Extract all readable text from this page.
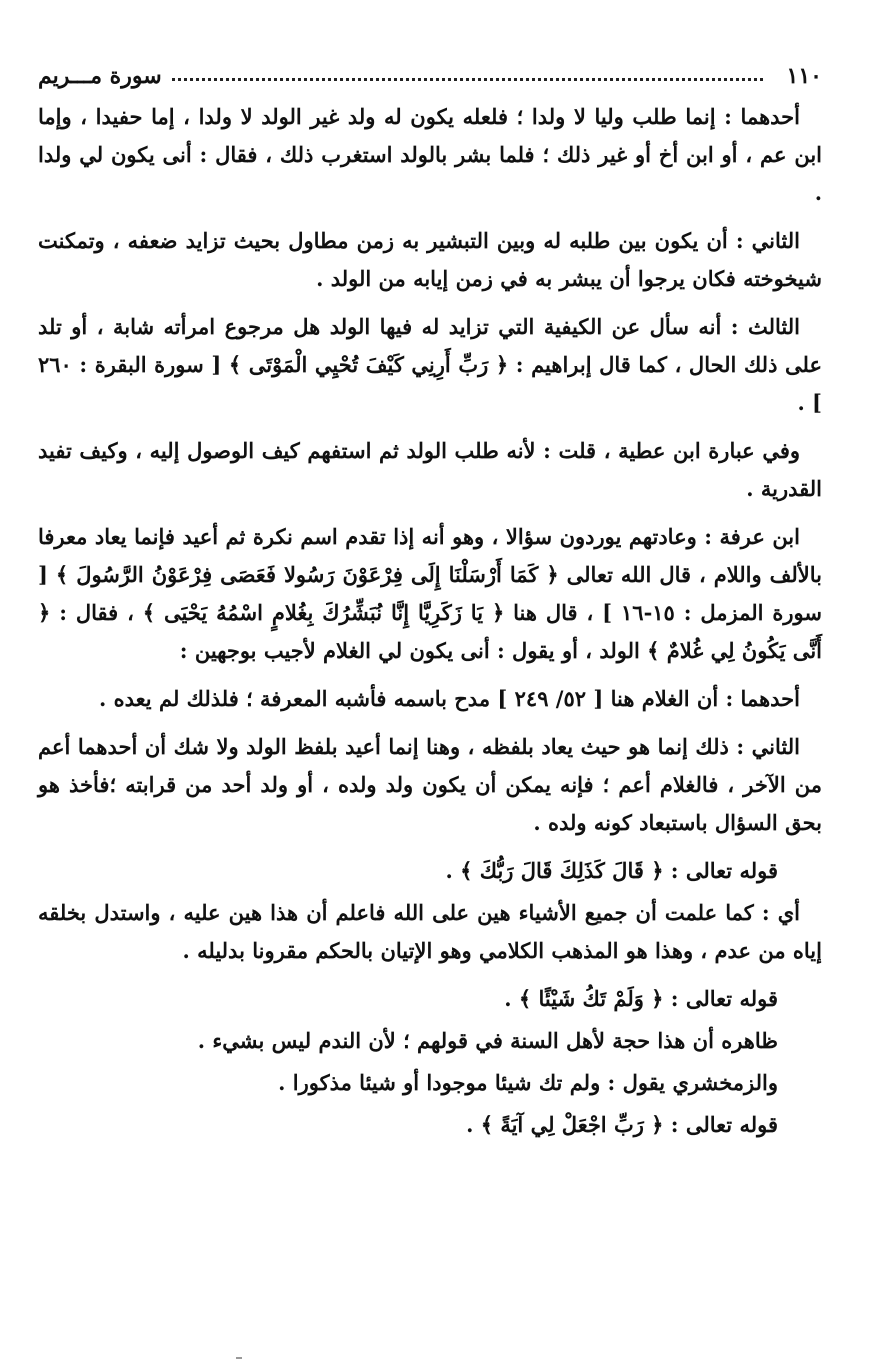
١١٠
سورة مـــريم

أحدهما : إنما طلب وليا لا ولدا ؛ فلعله يكون له ولد غير الولد لا ولدا ، إما حفيدا ، وإما ابن عم ، أو ابن أخ أو غير ذلك ؛ فلما بشر بالولد استغرب ذلك ، فقال : أنى يكون لي ولدا .

الثاني : أن يكون بين طلبه له وبين التبشير به زمن مطاول بحيث تزايد ضعفه ، وتمكنت شيخوخته فكان يرجوا أن يبشر به في زمن إيابه من الولد .

الثالث : أنه سأل عن الكيفية التي تزايد له فيها الولد هل مرجوع امرأته شابة ، أو تلد على ذلك الحال ، كما قال إبراهيم : ﴿ رَبِّ أَرِنِي كَيْفَ تُحْيِي الْمَوْتَى ﴾ [ سورة البقرة : ٢٦٠ ] .

وفي عبارة ابن عطية ، قلت : لأنه طلب الولد ثم استفهم كيف الوصول إليه ، وكيف تفيد القدرية .

ابن عرفة : وعادتهم يوردون سؤالا ، وهو أنه إذا تقدم اسم نكرة ثم أعيد فإنما يعاد معرفا بالألف واللام ، قال الله تعالى ﴿ كَمَا أَرْسَلْنَا إِلَى فِرْعَوْنَ رَسُولا فَعَصَى فِرْعَوْنُ الرَّسُولَ ﴾ [ سورة المزمل : ١٥-١٦ ] ، قال هنا ﴿ يَا زَكَرِيَّا إِنَّا نُبَشِّرُكَ بِغُلامٍ اسْمُهُ يَحْيَى ﴾ ، فقال : ﴿ أَنَّى يَكُونُ لِي غُلامٌ ﴾ الولد ، أو يقول : أنى يكون لي الغلام لأجيب بوجهين :

أحدهما : أن الغلام هنا [ ٥٢/ ٢٤٩ ] مدح باسمه فأشبه المعرفة ؛ فلذلك لم يعده .

الثاني : ذلك إنما هو حيث يعاد بلفظه ، وهنا إنما أعيد بلفظ الولد ولا شك أن أحدهما أعم من الآخر ، فالغلام أعم ؛ فإنه يمكن أن يكون ولد ولده ، أو ولد أحد من قرابته ؛فأخذ هو بحق السؤال باستبعاد كونه ولده .

قوله تعالى : ﴿ قَالَ كَذَلِكَ قَالَ رَبُّكَ ﴾ .

أي : كما علمت أن جميع الأشياء هين على الله فاعلم أن هذا هين عليه ، واستدل بخلقه إياه من عدم ، وهذا هو المذهب الكلامي وهو الإتيان بالحكم مقرونا بدليله .

قوله تعالى : ﴿ وَلَمْ تَكُ شَيْئًا ﴾ .

ظاهره أن هذا حجة لأهل السنة في قولهم ؛ لأن الندم ليس بشيء .

والزمخشري يقول : ولم تك شيئا موجودا أو شيئا مذكورا .

قوله تعالى : ﴿ رَبِّ اجْعَلْ لِي آيَةً ﴾ .
